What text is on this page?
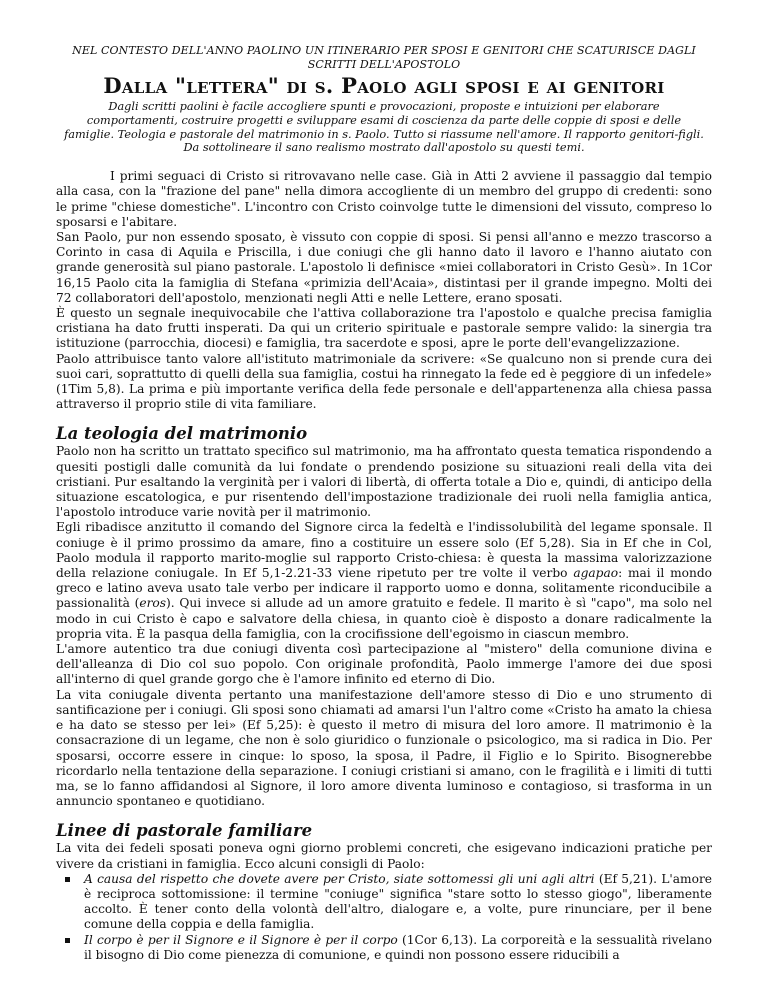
NEL CONTESTO DELL'ANNO PAOLINO UN ITINERARIO PER SPOSI E GENITORI CHE SCATURISCE DAGLI SCRITTI DELL'APOSTOLO

Dalla "lettera" di s. Paolo agli sposi e ai genitori

Dagli scritti paolini è facile accogliere spunti e provocazioni, proposte e intuizioni per elaborare comportamenti, costruire progetti e sviluppare esami di coscienza da parte delle coppie di sposi e delle famiglie. Teologia e pastorale del matrimonio in s. Paolo. Tutto si riassume nell'amore. Il rapporto genitori-figli. Da sottolineare il sano realismo mostrato dall'apostolo su questi temi.

I primi seguaci di Cristo si ritrovavano nelle case. Già in Atti 2 avviene il passaggio dal tempio alla casa, con la "frazione del pane" nella dimora accogliente di un membro del gruppo di credenti: sono le prime "chiese domestiche". L'incontro con Cristo coinvolge tutte le dimensioni del vissuto, compreso lo sposarsi e l'abitare.

San Paolo, pur non essendo sposato, è vissuto con coppie di sposi. Si pensi all'anno e mezzo trascorso a Corinto in casa di Aquila e Priscilla, i due coniugi che gli hanno dato il lavoro e l'hanno aiutato con grande generosità sul piano pastorale. L'apostolo li definisce «miei collaboratori in Cristo Gesù». In 1Cor 16,15 Paolo cita la famiglia di Stefana «primizia dell'Acaia», distintasi per il grande impegno. Molti dei 72 collaboratori dell'apostolo, menzionati negli Atti e nelle Lettere, erano sposati.

È questo un segnale inequivocabile che l'attiva collaborazione tra l'apostolo e qualche precisa famiglia cristiana ha dato frutti insperati. Da qui un criterio spirituale e pastorale sempre valido: la sinergia tra istituzione (parrocchia, diocesi) e famiglia, tra sacerdote e sposi, apre le porte dell'evangelizzazione.

Paolo attribuisce tanto valore all'istituto matrimoniale da scrivere: «Se qualcuno non si prende cura dei suoi cari, soprattutto di quelli della sua famiglia, costui ha rinnegato la fede ed è peggiore di un infedele» (1Tim 5,8). La prima e più importante verifica della fede personale e dell'appartenenza alla chiesa passa attraverso il proprio stile di vita familiare.

La teologia del matrimonio

Paolo non ha scritto un trattato specifico sul matrimonio, ma ha affrontato questa tematica rispondendo a quesiti postigli dalle comunità da lui fondate o prendendo posizione su situazioni reali della vita dei cristiani. Pur esaltando la verginità per i valori di libertà, di offerta totale a Dio e, quindi, di anticipo della situazione escatologica, e pur risentendo dell'impostazione tradizionale dei ruoli nella famiglia antica, l'apostolo introduce varie novità per il matrimonio.

Egli ribadisce anzitutto il comando del Signore circa la fedeltà e l'indissolubilità del legame sponsale. Il coniuge è il primo prossimo da amare, fino a costituire un essere solo (Ef 5,28). Sia in Ef che in Col, Paolo modula il rapporto marito-moglie sul rapporto Cristo-chiesa: è questa la massima valorizzazione della relazione coniugale. In Ef 5,1-2.21-33 viene ripetuto per tre volte il verbo agapao: mai il mondo greco e latino aveva usato tale verbo per indicare il rapporto uomo e donna, solitamente riconducibile a passionalità (eros). Qui invece si allude ad un amore gratuito e fedele. Il marito è sì "capo", ma solo nel modo in cui Cristo è capo e salvatore della chiesa, in quanto cioè è disposto a donare radicalmente la propria vita. È la pasqua della famiglia, con la crocifissione dell'egoismo in ciascun membro.

L'amore autentico tra due coniugi diventa così partecipazione al "mistero" della comunione divina e dell'alleanza di Dio col suo popolo. Con originale profondità, Paolo immerge l'amore dei due sposi all'interno di quel grande gorgo che è l'amore infinito ed eterno di Dio.

La vita coniugale diventa pertanto una manifestazione dell'amore stesso di Dio e uno strumento di santificazione per i coniugi. Gli sposi sono chiamati ad amarsi l'un l'altro come «Cristo ha amato la chiesa e ha dato se stesso per lei» (Ef 5,25): è questo il metro di misura del loro amore. Il matrimonio è la consacrazione di un legame, che non è solo giuridico o funzionale o psicologico, ma si radica in Dio. Per sposarsi, occorre essere in cinque: lo sposo, la sposa, il Padre, il Figlio e lo Spirito. Bisognerebbe ricordarlo nella tentazione della separazione. I coniugi cristiani si amano, con le fragilità e i limiti di tutti ma, se lo fanno affidandosi al Signore, il loro amore diventa luminoso e contagioso, si trasforma in un annuncio spontaneo e quotidiano.

Linee di pastorale familiare

La vita dei fedeli sposati poneva ogni giorno problemi concreti, che esigevano indicazioni pratiche per vivere da cristiani in famiglia. Ecco alcuni consigli di Paolo:

A causa del rispetto che dovete avere per Cristo, siate sottomessi gli uni agli altri (Ef 5,21). L'amore è reciproca sottomissione: il termine "coniuge" significa "stare sotto lo stesso giogo", liberamente accolto. È tener conto della volontà dell'altro, dialogare e, a volte, pure rinunciare, per il bene comune della coppia e della famiglia.
Il corpo è per il Signore e il Signore è per il corpo (1Cor 6,13). La corporeità e la sessualità rivelano il bisogno di Dio come pienezza di comunione, e quindi non possono essere riducibili a
